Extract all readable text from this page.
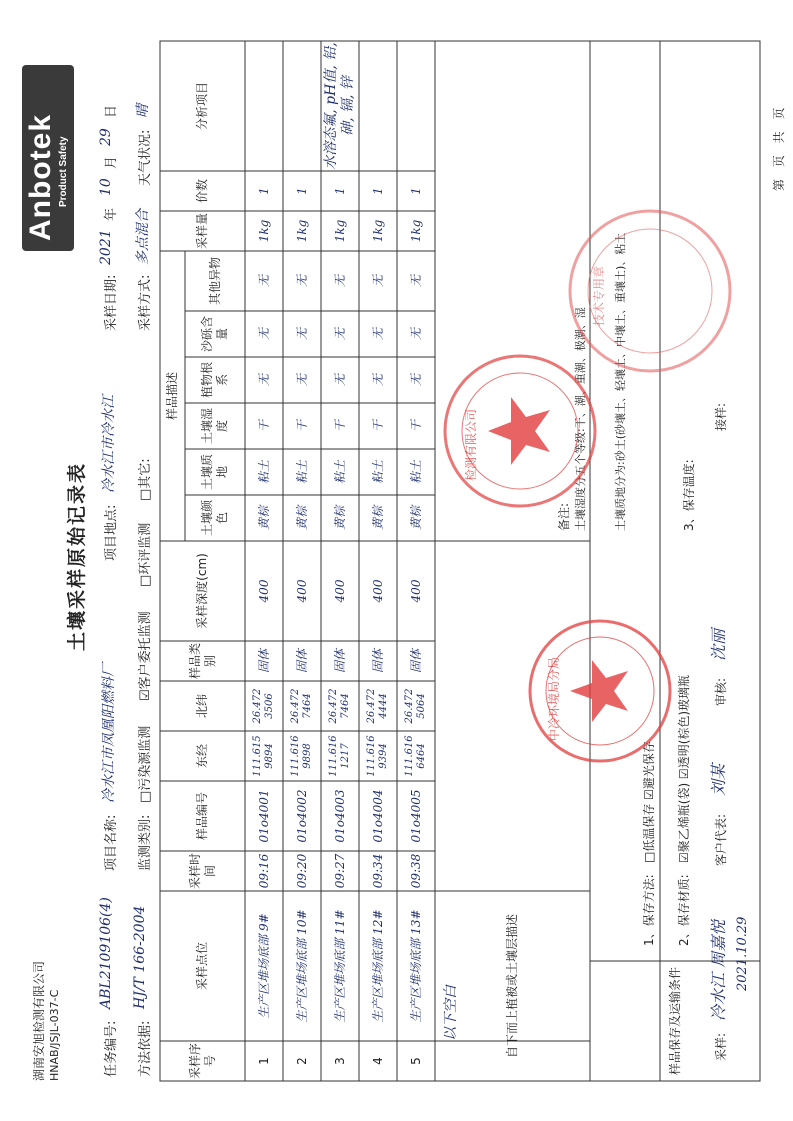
湖南安旭检测有限公司 HNAB/JSJL-037-C
土壤采样原始记录表
Anbotek Product Safety
任务编号:
ABL2109106(4)
项目名称:
冷水江市凤凰阳燃料厂
项目地点:
冷水江市冷水江
采样日期:
2021
年
10
月
29
日
方法依据:
HJ/T 166-2004
监测类别:
□污染源监测
☑客户委托监测
□环评监测
□其它:
采样方式:
多点混合
天气状况:
晴
采样序号
采样点位
采样时间
样品编号
东经
北纬
样品类别
采样深度(cm)
样品描述
土壤颜色
土壤质地
土壤湿度
植物根系
沙砾含量
其他异物
采样量
价数
分析项目
1
生产区堆场底部 9#
09:16
01o4001
111.615 9894
26.472 3506
固体
400
黄棕
粘土
干
无
无
无
1kg
1
2
生产区堆场底部 10#
09:20
01o4002
111.616 9898
26.472 7464
固体
400
黄棕
粘土
干
无
无
无
1kg
1
3
生产区堆场底部 11#
09:27
01o4003
111.616 1217
26.472 7464
固体
400
黄棕
粘土
干
无
无
无
1kg
1
4
生产区堆场底部 12#
09:34
01o4004
111.616 9394
26.472 4444
固体
400
黄棕
粘土
干
无
无
无
1kg
1
5
生产区堆场底部 13#
09:38
01o4005
111.616 6464
26.472 5064
固体
400
黄棕
粘土
干
无
无
无
1kg
1
水溶态氟, pH值, 铅, 砷, 镉, 锌
以下空白	自下而上植被或土壤层描述
备注: 土壤湿度分五个等级:干、潮、重潮、极潮、湿 土壤质地分为:砂土(砂壤土、轻壤土、中壤土、重壤土)、粘土	3、保存温度:
样品保存及运输条件
1、保存方法:
□低温保存 ☑避光保存
2、保存材质:
☑聚乙烯瓶(袋) ☑透明(棕色)玻璃瓶
采样:
冷水江 周嘉悦
客户代表:
刘某
审核:
沈丽
接样:
2021.10.29
第 页 共 页
中冷环境局分局
检测有限公司
技术专用章
